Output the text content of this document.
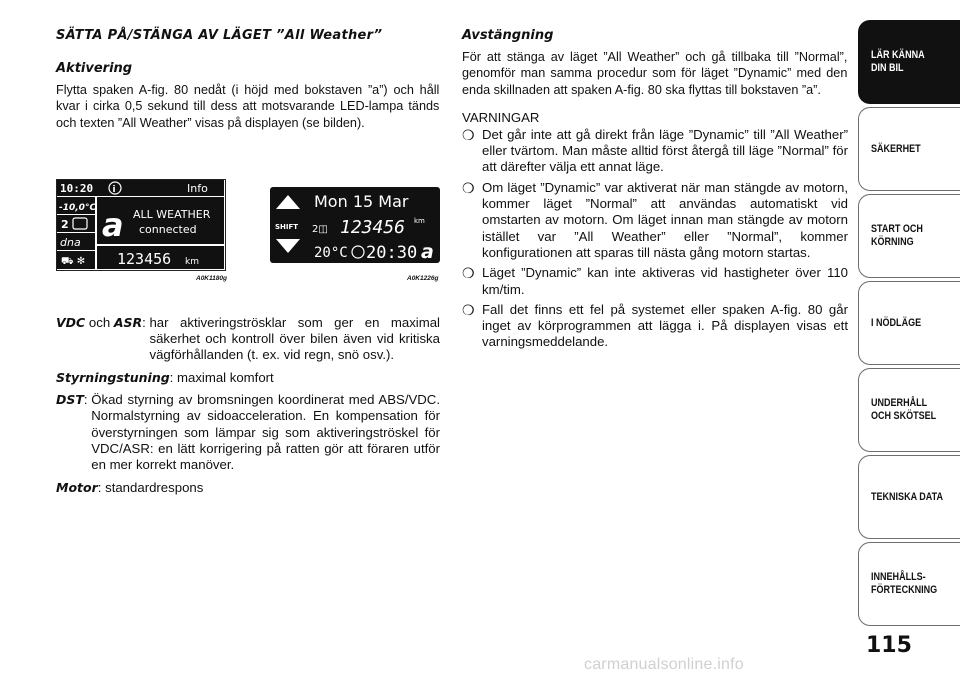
SÄTTA PÅ/STÄNGA AV LÄGET ”All Weather”
Aktivering

Flytta spaken A-fig. 80 nedåt (i höjd med bokstaven ”a”) och håll kvar i cirka 0,5 sekund till dess att motsvarande LED-lampa tänds och texten ”All Weather” visas på displayen (se bilden).

10:20 i	Info
-10,0°C
2
dna
⛟ ✻
a ALL WEATHER
connected
123456 km
A0K1180g
SHIFT
Mon 15 Mar
2◫ 123456 km
20°C 20:30 a
A0K1226g
VDC och ASR : har aktiveringströsklar som ger en maximal säkerhet och kontroll över bilen även vid kritiska vägförhållanden (t. ex. vid regn, snö osv.).
Styrningstuning : maximal komfort
DST : Ökad styrning av bromsningen koordinerat med ABS/VDC. Normalstyrning av sidoacceleration. En kompensation för överstyrningen som lämpar sig som aktiveringströskel för VDC/ASR: en lätt korrigering på ratten gör att föraren utför en mer korrekt manöver.
Motor : standardrespons
Avstängning

För att stänga av läget ”All Weather” och gå tillbaka till ”Normal”, genomför man samma procedur som för läget ”Dynamic” med den enda skillnaden att spaken A-fig. 80 ska flyttas till bokstaven ”a”.

VARNINGAR
❍ Det går inte att gå direkt från läge ”Dynamic” till ”All Weather” eller tvärtom. Man måste alltid först återgå till läge ”Normal” för att därefter välja ett annat läge.
❍ Om läget ”Dynamic” var aktiverat när man stängde av motorn, kommer läget ”Normal” att användas automatiskt vid omstarten av motorn. Om läget innan man stängde av motorn istället var ”All Weather” eller ”Normal”, kommer konfigurationen att sparas till nästa gång motorn startas.
❍ Läget ”Dynamic” kan inte aktiveras vid hastigheter över 110 km/tim.
❍ Fall det finns ett fel på systemet eller spaken A-fig. 80 går inget av körprogrammen att lägga i. På displayen visas ett varningsmeddelande.
LÄR KÄNNA
DIN BIL
SÄKERHET
START OCH
KÖRNING
I NÖDLÄGE
UNDERHÅLL
OCH SKÖTSEL
TEKNISKA DATA
INNEHÅLLS-
FÖRTECKNING
115
carmanualsonline.info
